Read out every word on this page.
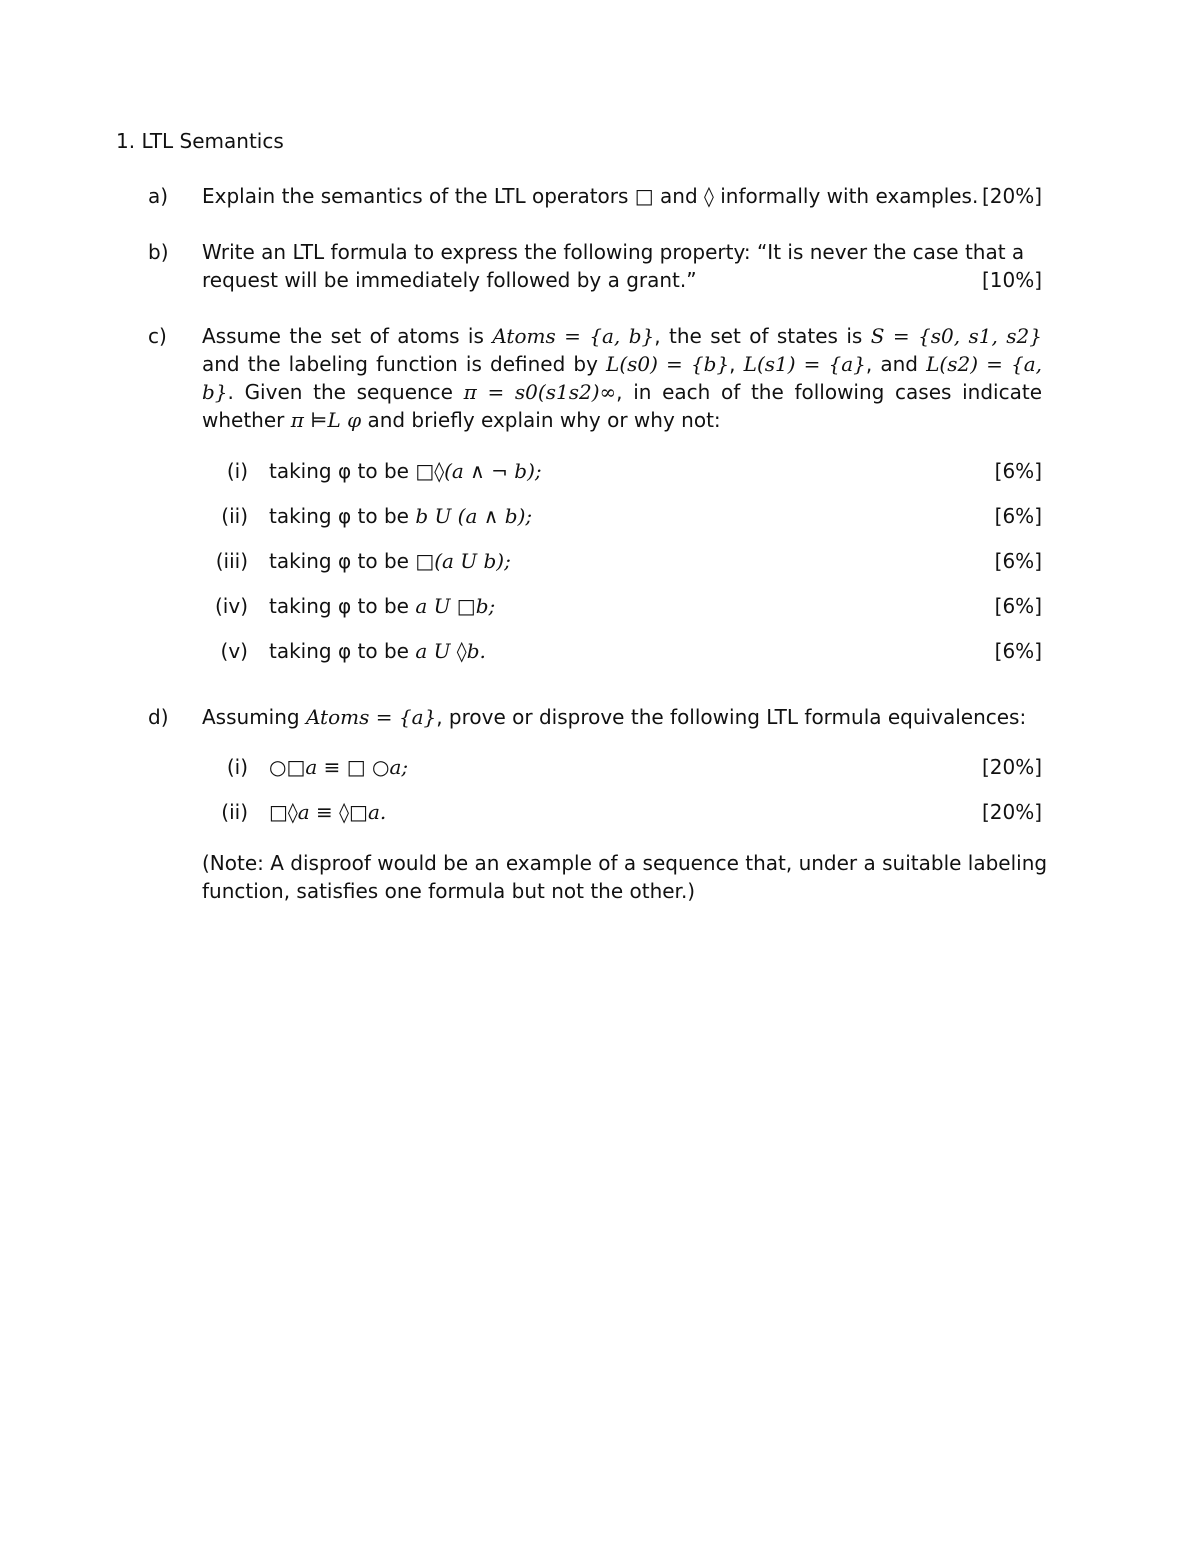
1. LTL Semantics
a) Explain the semantics of the LTL operators □ and ◊ informally with examples. [20%]
b) Write an LTL formula to express the following property: “It is never the case that a
request will be immediately followed by a grant.”	[10%]
c) Assume the set of atoms is Atoms = {a, b}, the set of states is S = {s0, s1, s2} and the labeling function is defined by L(s0) = {b}, L(s1) = {a}, and L(s2) = {a, b}. Given the sequence π = s0(s1s2)∞, in each of the following cases indicate whether π ⊨L φ and briefly explain why or why not:
(i) taking φ to be □◊(a ∧ ¬ b);	[6%]
(ii) taking φ to be b U (a ∧ b);	[6%]
(iii) taking φ to be □(a U b);	[6%]
(iv) taking φ to be a U □b;	[6%]
(v) taking φ to be a U ◊b.	[6%]
d) Assuming Atoms = {a}, prove or disprove the following LTL formula equivalences:
(i) ○□a ≡ □ ○a;	[20%]
(ii) □◊a ≡ ◊□a.	[20%]
(Note: A disproof would be an example of a sequence that, under a suitable labeling
function, satisfies one formula but not the other.)
